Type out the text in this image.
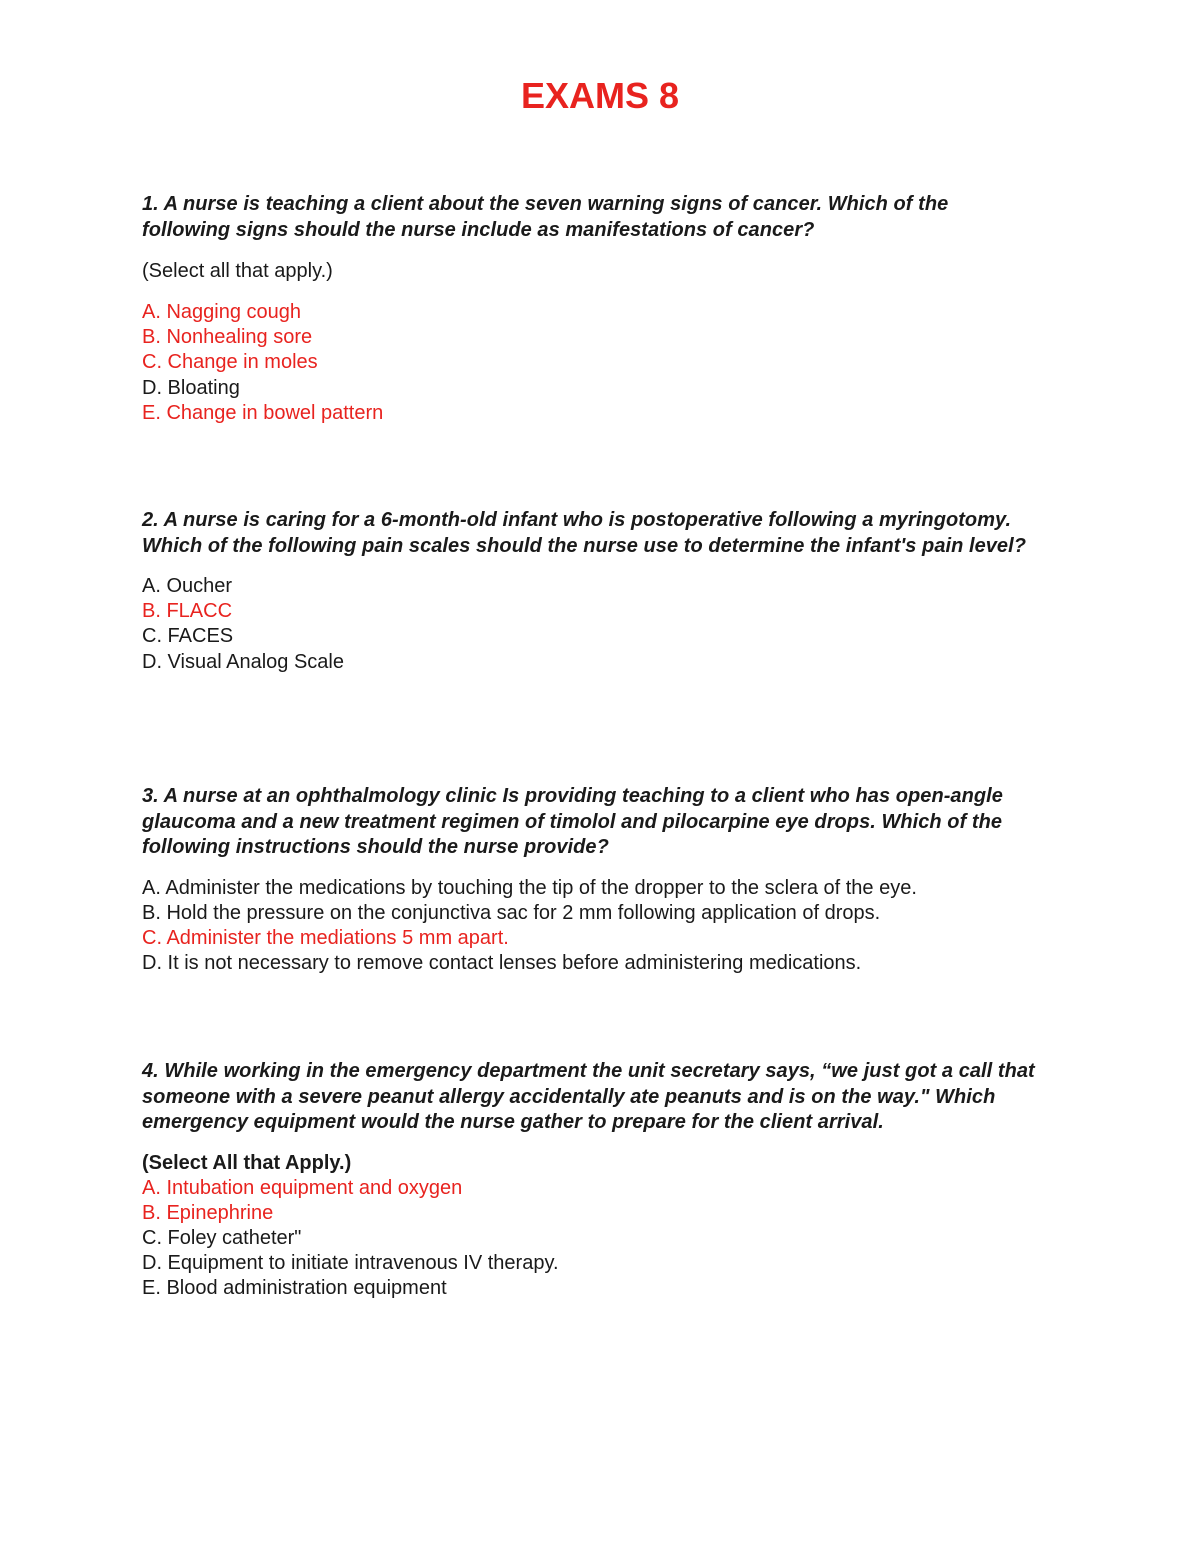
EXAMS 8

1. A nurse is teaching a client about the seven warning signs of cancer. Which of the following signs should the nurse include as manifestations of cancer?

(Select all that apply.)

A. Nagging cough
B. Nonhealing sore
C. Change in moles
D. Bloating
E. Change in bowel pattern

2. A nurse is caring for a 6-month-old infant who is postoperative following a myringotomy. Which of the following pain scales should the nurse use to determine the infant's pain level?

A. Oucher
B. FLACC
C. FACES
D. Visual Analog Scale

3. A nurse at an ophthalmology clinic Is providing teaching to a client who has open-angle glaucoma and a new treatment regimen of timolol and pilocarpine eye drops. Which of the following instructions should the nurse provide?

A. Administer the medications by touching the tip of the dropper to the sclera of the eye.
B. Hold the pressure on the conjunctiva sac for 2 mm following application of drops.
C. Administer the mediations 5 mm apart.
D. It is not necessary to remove contact lenses before administering medications.

4. While working in the emergency department the unit secretary says, “we just got a call that someone with a severe peanut allergy accidentally ate peanuts and is on the way." Which emergency equipment would the nurse gather to prepare for the client arrival.

(Select All that Apply.)

A. Intubation equipment and oxygen
B. Epinephrine
C. Foley catheter"
D. Equipment to initiate intravenous IV therapy.
E. Blood administration equipment
